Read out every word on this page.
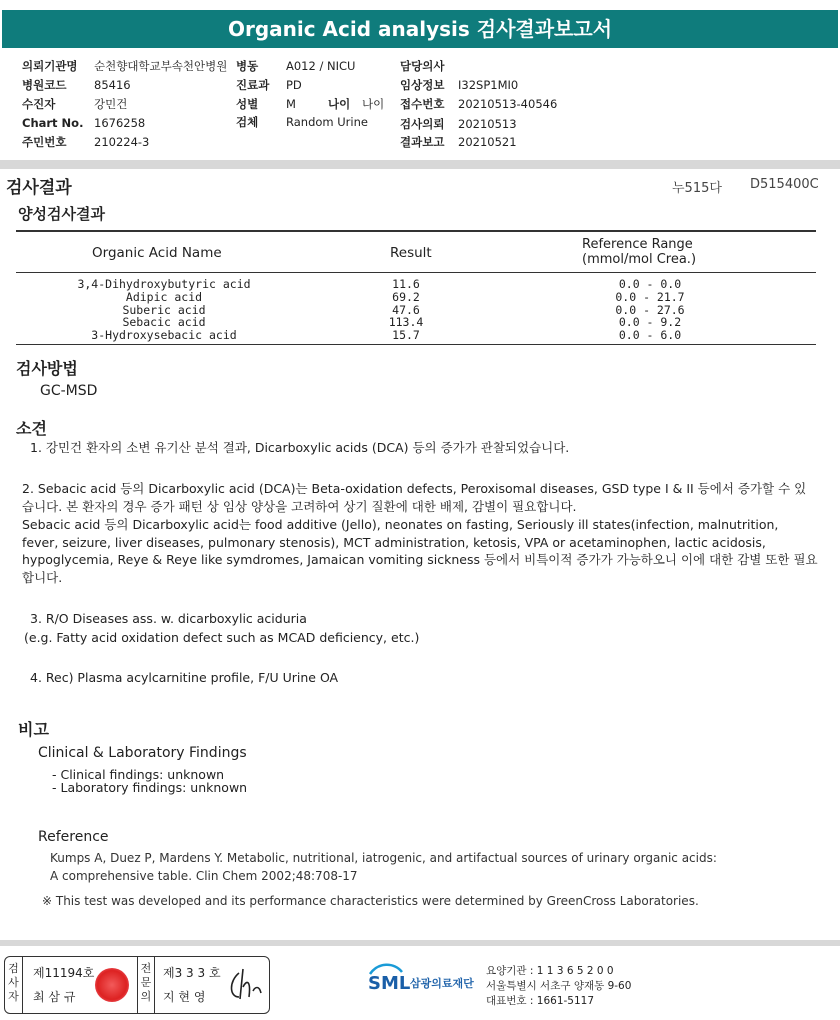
Organic Acid analysis 검사결과보고서
의뢰기관명 순천향대학교부속천안병원
병원코드 85416
수진자	강민건
Chart No. 1676258
주민번호 210224-3
병동 A012 / NICU
진료과 PD
성별 M	나이 나이
검체 Random Urine
담당의사
임상정보 I32SP1MI0
접수번호 20210513-40546
검사의뢰 20210513
결과보고 20210521
검사결과	누515다 D515400C
양성검사결과
Organic Acid Name	Result
Reference Range
(mmol/mol Crea.)
3,4-Dihydroxybutyric acid	11.6	0.0 - 0.0
Adipic acid	69.2	0.0 - 21.7
Suberic acid	47.6	0.0 - 27.6
Sebacic acid	113.4	0.0 - 9.2
3-Hydroxysebacic acid	15.7	0.0 - 6.0
검사방법
GC-MSD
소견
1. 강민건 환자의 소변 유기산 분석 결과, Dicarboxylic acids (DCA) 등의 증가가 관찰되었습니다.
2. Sebacic acid 등의 Dicarboxylic acid (DCA)는 Beta-oxidation defects, Peroxisomal diseases, GSD type I & II 등에서 증가할 수 있습니다. 본 환자의 경우 증가 패턴 상 임상 양상을 고려하여 상기 질환에 대한 배제, 감별이 필요합니다.
Sebacic acid 등의 Dicarboxylic acid는 food additive (Jello), neonates on fasting, Seriously ill states(infection, malnutrition, fever, seizure, liver diseases, pulmonary stenosis), MCT administration, ketosis, VPA or acetaminophen, lactic acidosis, hypoglycemia, Reye & Reye like symdromes, Jamaican vomiting sickness 등에서 비특이적 증가가 가능하오니 이에 대한 감별 또한 필요합니다.
3. R/O Diseases ass. w. dicarboxylic aciduria
(e.g. Fatty acid oxidation defect such as MCAD deficiency, etc.)
4. Rec) Plasma acylcarnitine profile, F/U Urine OA
비고
Clinical & Laboratory Findings
- Clinical findings: unknown
- Laboratory findings: unknown
Reference
Kumps A, Duez P, Mardens Y. Metabolic, nutritional, iatrogenic, and artifactual sources of urinary organic acids:
A comprehensive table. Clin Chem 2002;48:708-17
※ This test was developed and its performance characteristics were determined by GreenCross Laboratories.
검사자
제11194호
최 삼 규
전문의
제3 3 3 호
지 현 영
SML 삼광의료재단
요양기관 : 1 1 3 6 5 2 0 0
서울특별시 서초구 양재동 9-60
대표번호 : 1661-5117
